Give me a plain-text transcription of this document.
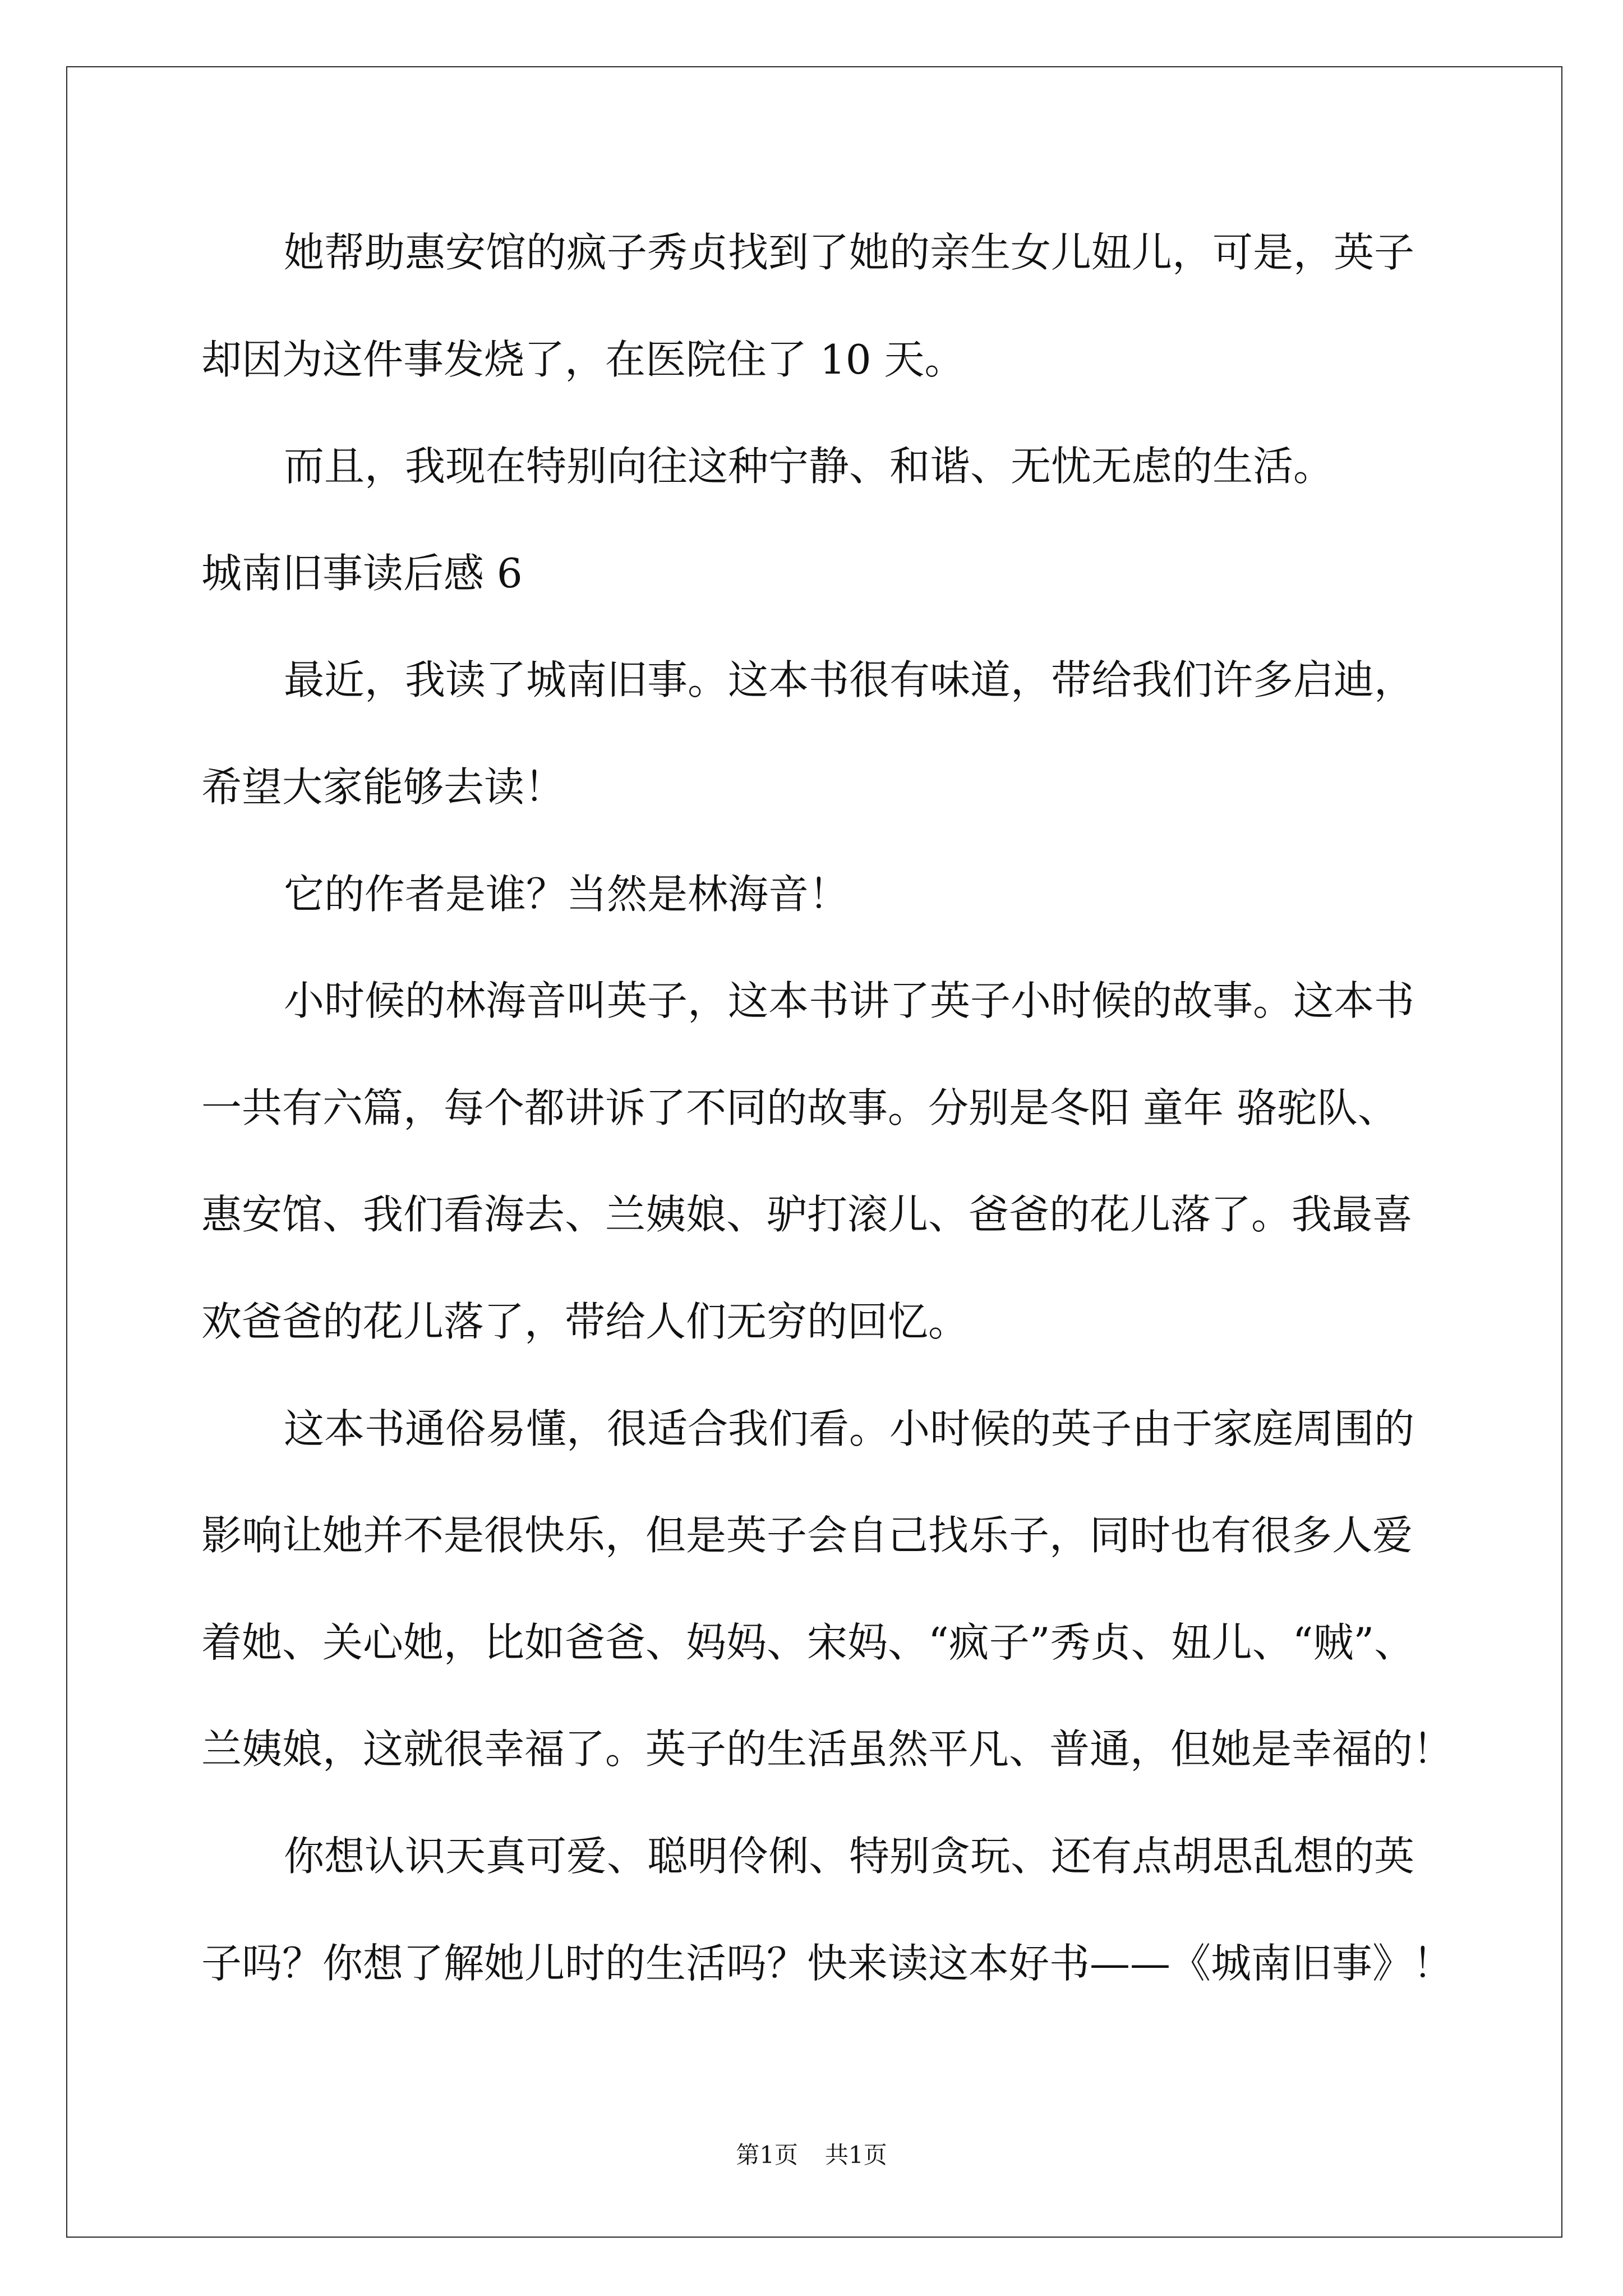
她帮助惠安馆的疯子秀贞找到了她的亲生女儿妞儿，可是，英子
却因为这件事发烧了，在医院住了 10 天。
而且，我现在特别向往这种宁静、和谐、无忧无虑的生活。
城南旧事读后感 6
最近，我读了城南旧事。这本书很有味道，带给我们许多启迪，
希望大家能够去读！
它的作者是谁？当然是林海音！
小时候的林海音叫英子，这本书讲了英子小时候的故事。这本书
一共有六篇，每个都讲诉了不同的故事。分别是冬阳 童年 骆驼队、
惠安馆、我们看海去、兰姨娘、驴打滚儿、爸爸的花儿落了。我最喜
欢爸爸的花儿落了，带给人们无穷的回忆。
这本书通俗易懂，很适合我们看。小时候的英子由于家庭周围的
影响让她并不是很快乐，但是英子会自己找乐子，同时也有很多人爱
着她、关心她，比如爸爸、妈妈、宋妈、“疯子”秀贞、妞儿、“贼”、
兰姨娘，这就很幸福了。英子的生活虽然平凡、普通，但她是幸福的！
你想认识天真可爱、聪明伶俐、特别贪玩、还有点胡思乱想的英
子吗？你想了解她儿时的生活吗？快来读这本好书——《城南旧事》！
第1页 共1页
